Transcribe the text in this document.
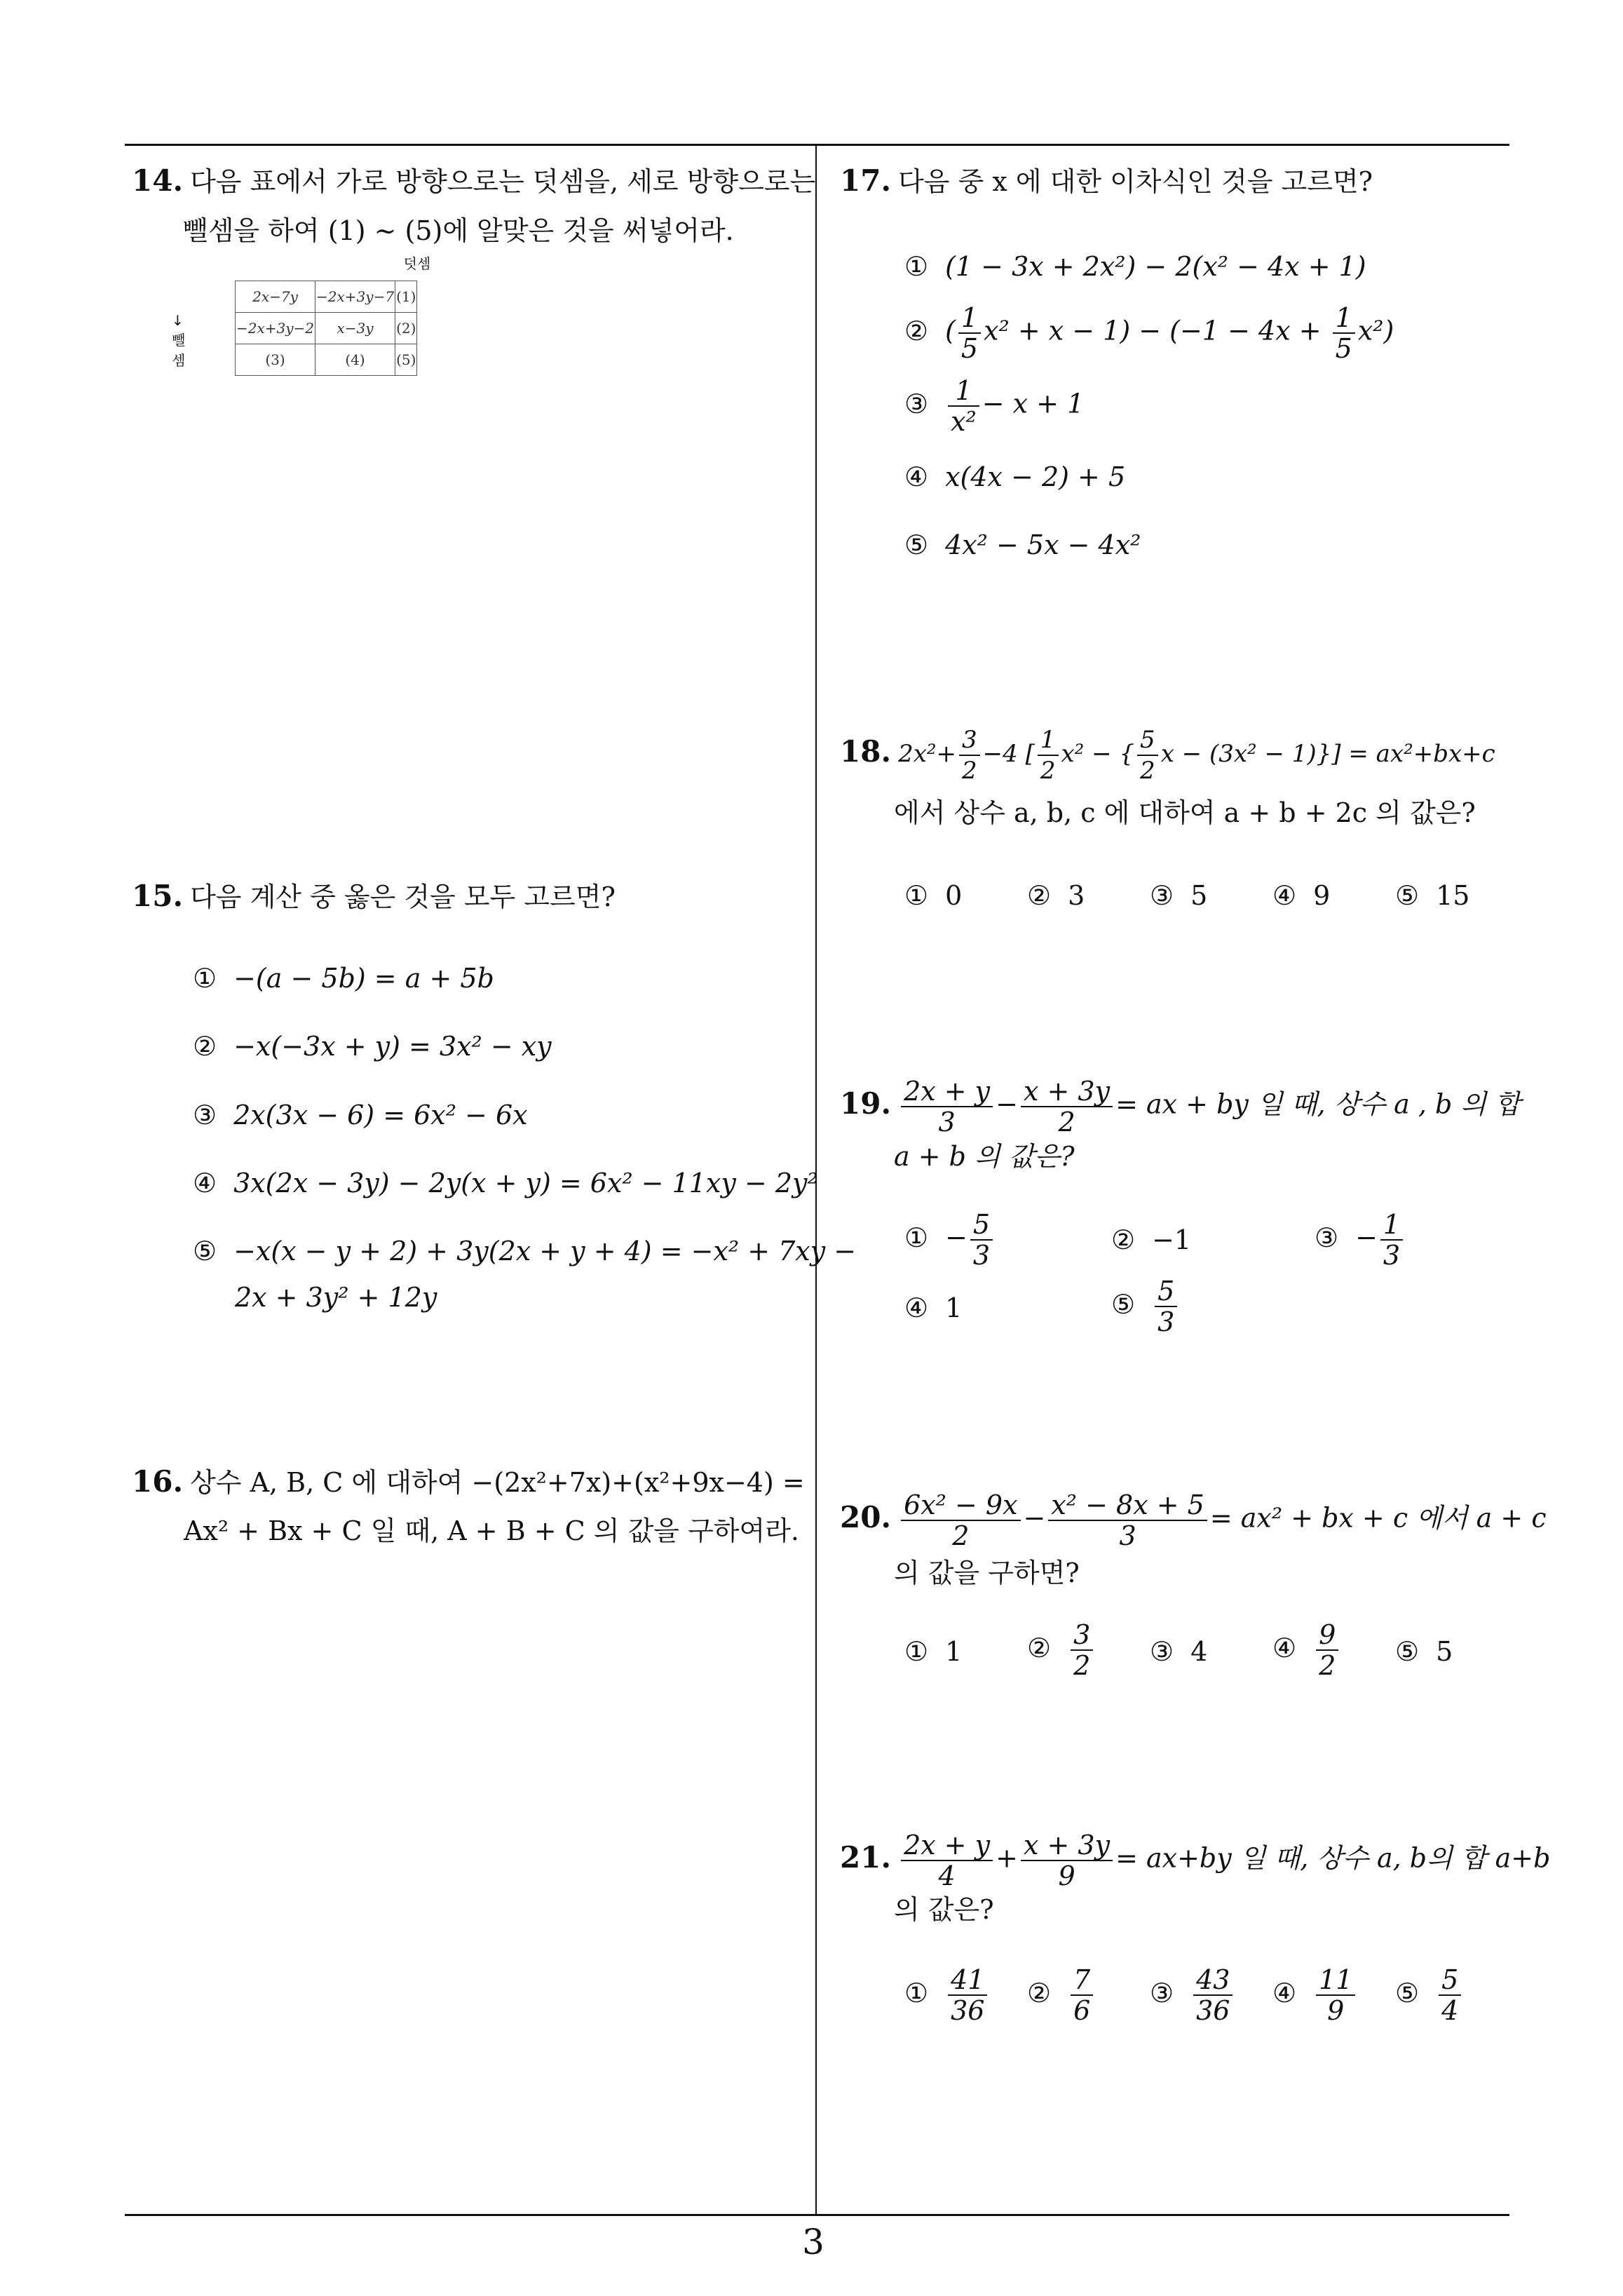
14. 다음 표에서 가로 방향으로는 덧셈을, 세로 방향으로는
뺄셈을 하여 (1) ~ (5)에 알맞은 것을 써넣어라.
덧셈
↓ 뺄셈
2x−7y	−2x+3y−7	(1)
−2x+3y−2	x−3y	(2)
(3)	(4)	(5)
15. 다음 계산 중 옳은 것을 모두 고르면?
① −(a − 5b) = a + 5b
② −x(−3x + y) = 3x² − xy
③ 2x(3x − 6) = 6x² − 6x
④ 3x(2x − 3y) − 2y(x + y) = 6x² − 11xy − 2y²
⑤ −x(x − y + 2) + 3y(2x + y + 4) = −x² + 7xy −
2x + 3y² + 12y
16. 상수 A, B, C 에 대하여 −(2x²+7x)+(x²+9x−4) =
Ax² + Bx + C 일 때, A + B + C 의 값을 구하여라.
17. 다음 중 x 에 대한 이차식인 것을 고르면?
① (1 − 3x + 2x²) − 2(x² − 4x + 1)
② ( $\frac{1}{5} x^2 + x - 1) - (-1 - 4x + \frac{1}{5} x^2)$
③ $\frac{1}{\text{x²}} - x + 1$
④ x(4x − 2) + 5
⑤ 4x² − 5x − 4x²
18. $2x^2+ \frac{3}{2} -4$ [ $\frac{1}{2} x^2$ − { $\frac{5}{2}$ x − (3x² − 1)}] = ax²+bx+c
에서 상수 a, b, c 에 대하여 a + b + 2c 의 값은?
① 0 ② 3 ③ 5 ④ 9 ⑤ 15
19. $\frac{2x + y}{3} - \frac{x + 3y}{2}$ = ax + by 일 때, 상수 a , b 의 합
a + b 의 값은?
① − $\frac{5}{3}$	② −1	③ − $\frac{1}{3}$
④ 1	⑤ $\frac{5}{3}$
20. $\frac{\text{6x² − 9x}}{2} - \frac{\text{x² − 8x + 5}}{3} = ax^2$ + bx + c 에서 a + c
의 값을 구하면?
① 1 ② $\frac{3}{2}$ ③ 4 ④ $\frac{9}{2}$ ⑤ 5
21. $\frac{2x + y}{4} + \frac{x + 3y}{9} = ax+by$ 일 때, 상수 a, b의 합 a+b
의 값은?
① $\frac{41}{36}$ ② $\frac{7}{6}$ ③ $\frac{43}{36}$ ④ $\frac{11}{9}$ ⑤ $\frac{5}{4}$
3
